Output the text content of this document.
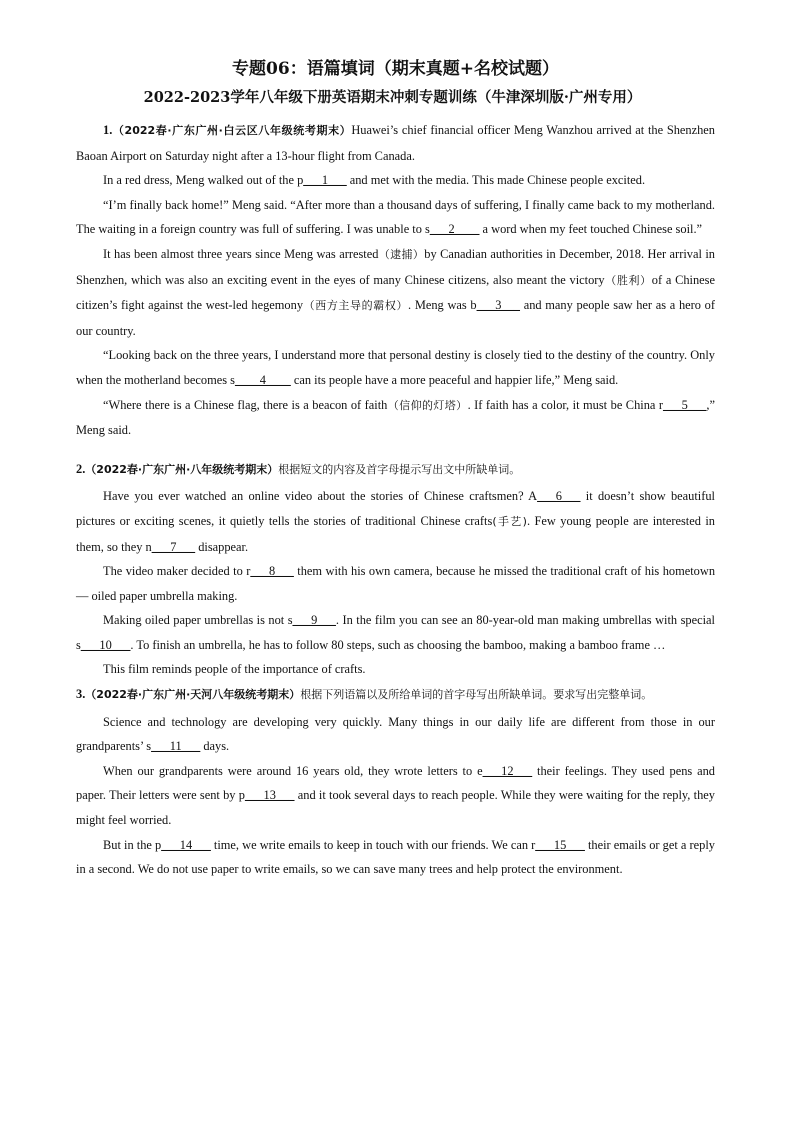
专题06：语篇填词（期末真题+名校试题）
2022-2023学年八年级下册英语期末冲刺专题训练（牛津深圳版·广州专用）

1.（2022春·广东广州·白云区八年级统考期末）Huawei’s chief financial officer Meng Wanzhou arrived at the Shenzhen Baoan Airport on Saturday night after a 13-hour flight from Canada.

In a red dress, Meng walked out of the p___1___ and met with the media. This made Chinese people excited.

“I’m finally back home!” Meng said. “After more than a thousand days of suffering, I finally came back to my motherland. The waiting in a foreign country was full of suffering. I was unable to s___2____ a word when my feet touched Chinese soil.”

It has been almost three years since Meng was arrested（逮捕）by Canadian authorities in December, 2018. Her arrival in Shenzhen, which was also an exciting event in the eyes of many Chinese citizens, also meant the victory（胜利）of a Chinese citizen’s fight against the west-led hegemony（西方主导的霸权）. Meng was b___3___ and many people saw her as a hero of our country.

“Looking back on the three years, I understand more that personal destiny is closely tied to the destiny of the country. Only when the motherland becomes s____4____ can its people have a more peaceful and happier life,” Meng said.

“Where there is a Chinese flag, there is a beacon of faith（信仰的灯塔）. If faith has a color, it must be China r___5___,” Meng said.

2.（2022春·广东广州·八年级统考期末）根据短文的内容及首字母提示写出文中所缺单词。

Have you ever watched an online video about the stories of Chinese craftsmen? A___6___ it doesn’t show beautiful pictures or exciting scenes, it quietly tells the stories of traditional Chinese crafts(手艺). Few young people are interested in them, so they n___7___ disappear.

The video maker decided to r___8___ them with his own camera, because he missed the traditional craft of his hometown — oiled paper umbrella making.

Making oiled paper umbrellas is not s___9___. In the film you can see an 80-year-old man making umbrellas with special s___10___. To finish an umbrella, he has to follow 80 steps, such as choosing the bamboo, making a bamboo frame …

This film reminds people of the importance of crafts.

3.（2022春·广东广州·天河八年级统考期末）根据下列语篇以及所给单词的首字母写出所缺单词。要求写出完整单词。

Science and technology are developing very quickly. Many things in our daily life are different from those in our grandparents’ s___11___ days.

When our grandparents were around 16 years old, they wrote letters to e___12___ their feelings. They used pens and paper. Their letters were sent by p___13___ and it took several days to reach people. While they were waiting for the reply, they might feel worried.

But in the p___14___ time, we write emails to keep in touch with our friends. We can r___15___ their emails or get a reply in a second. We do not use paper to write emails, so we can save many trees and help protect the environment.
